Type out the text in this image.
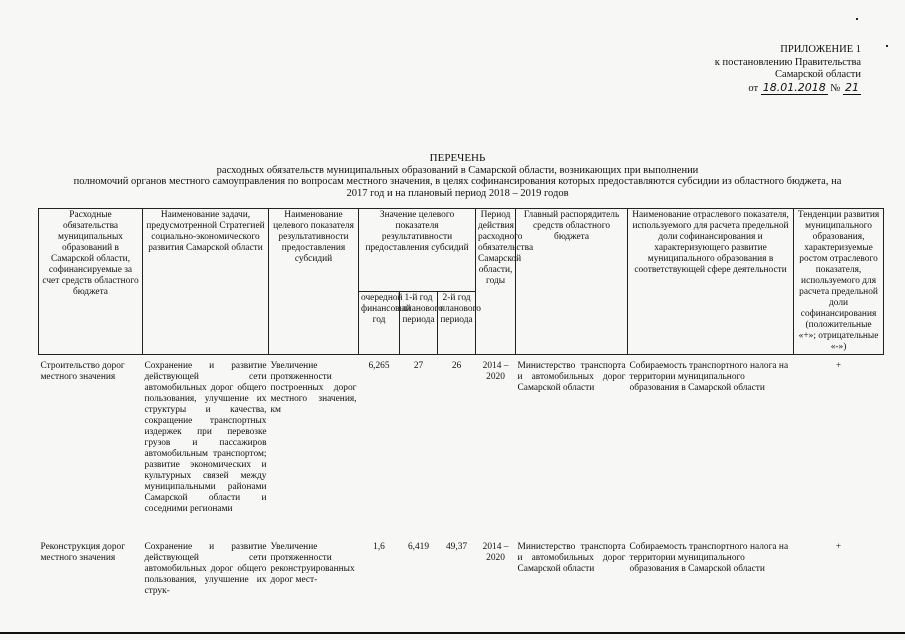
ПРИЛОЖЕНИЕ 1
к постановлению Правительства
Самарской области
от 18.01.2018 № 21
ПЕРЕЧЕНЬ
расходных обязательств муниципальных образований в Самарской области, возникающих при выполнении
полномочий органов местного самоуправления по вопросам местного значения, в целях софинансирования которых предоставляются субсидии из областного бюджета, на
2017 год и на плановый период 2018 – 2019 годов
Расходные обязательства муниципальных образований в Самарской области, софинансируемые за счет средств областного бюджета	Наименование задачи, предусмотренной Стратегией социально-экономического развития Самарской области	Наименование целевого показателя результативности предоставления субсидий	Значение целевого показателя результативности предоставления субсидий			Период действия расходного обязательства Самарской области, годы	Главный распорядитель средств областного бюджета	Наименование отраслевого показателя, используемого для расчета предельной доли софинансирования и характеризующего развитие муниципального образования в соответствующей сфере деятельности	Тенденции развития муниципального образования, характеризуемые ростом отраслевого показателя, используемого для расчета предельной доли софинансирования (положительные «+»; отрицательные «-»)
			очередной финансовый год	1-й год планового периода	2-й год планового периода				
Строительство дорог местного значения	Сохранение и развитие действующей сети автомобильных дорог общего пользования, улучшение их структуры и качества, сокращение транспортных издержек при перевозке грузов и пассажиров автомобильным транспортом; развитие экономических и культурных связей между муниципальными районами Самарской области и соседними регионами	Увеличение протяженности построенных дорог местного значения, км	6,265	27	26	2014 – 2020	Министерство транспорта и автомобильных дорог Самарской области	Собираемость транспортного налога на территории муниципального образования в Самарской области	+
Реконструкция дорог местного значения	Сохранение и развитие действующей сети автомобильных дорог общего пользования, улучшение их струк-	Увеличение протяженности реконструированных дорог мест-	1,6	6,419	49,37	2014 – 2020	Министерство транспорта и автомобильных дорог Самарской области	Собираемость транспортного налога на территории муниципального образования в Самарской области	+
